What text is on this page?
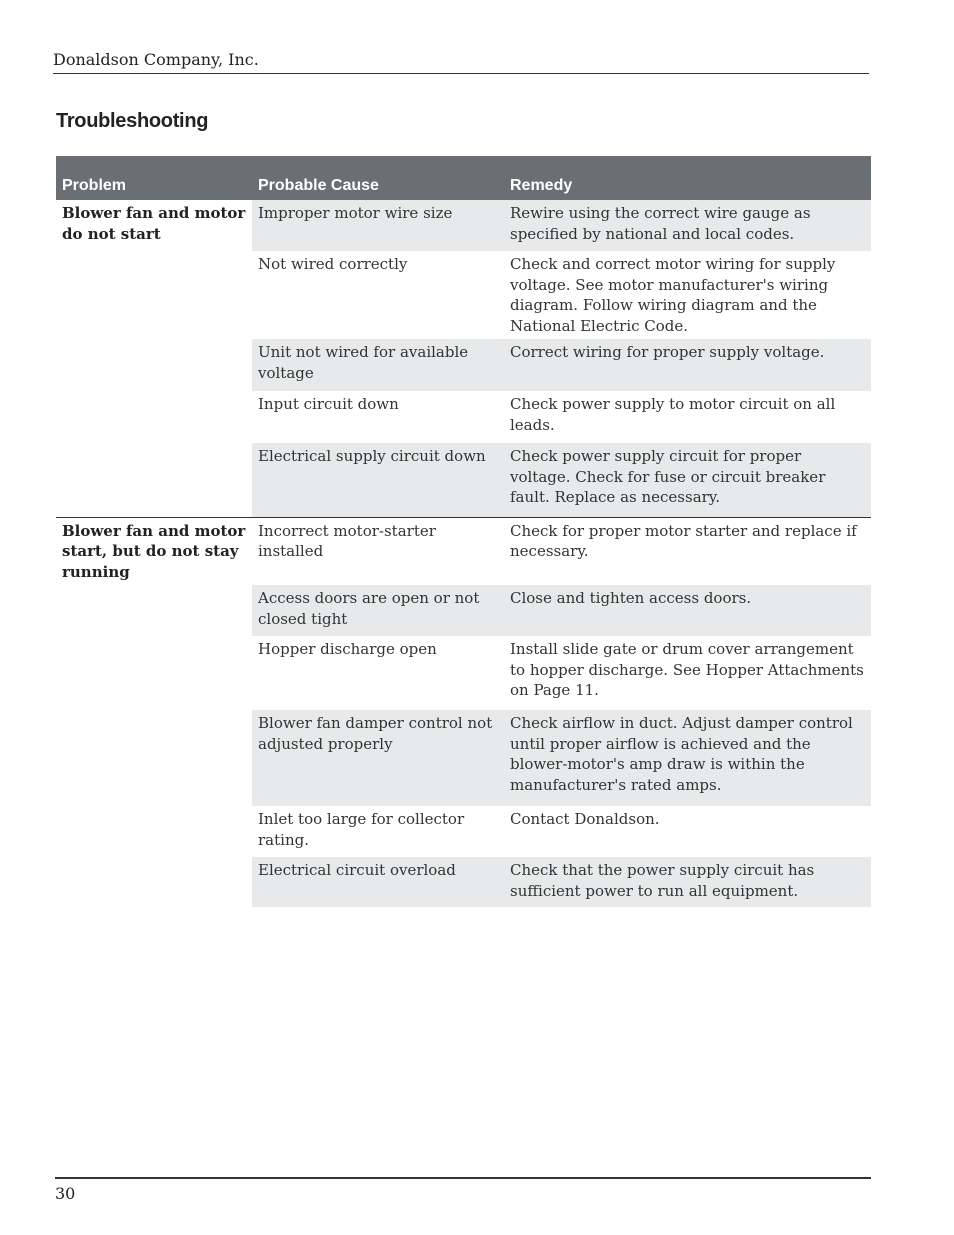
Donaldson Company, Inc.
Troubleshooting
Problem	Probable Cause	Remedy
Blower fan and motor do not start	Improper motor wire size	Rewire using the correct wire gauge as specified by national and local codes.
	Not wired correctly	Check and correct motor wiring for supply voltage. See motor manufacturer's wiring diagram. Follow wiring diagram and the National Electric Code.
	Unit not wired for available voltage	Correct wiring for proper supply voltage.
	Input circuit down	Check power supply to motor circuit on all leads.
	Electrical supply circuit down	Check power supply circuit for proper voltage. Check for fuse or circuit breaker fault. Replace as necessary.
Blower fan and motor start, but do not stay running	Incorrect motor-starter installed	Check for proper motor starter and replace if necessary.
	Access doors are open or not closed tight	Close and tighten access doors.
	Hopper discharge open	Install slide gate or drum cover arrangement to hopper discharge. See Hopper Attachments on Page 11.
	Blower fan damper control not adjusted properly	Check airflow in duct. Adjust damper control until proper airflow is achieved and the blower-motor's amp draw is within the manufacturer's rated amps.
	Inlet too large for collector rating.	Contact Donaldson.
	Electrical circuit overload	Check that the power supply circuit has sufficient power to run all equipment.
30
